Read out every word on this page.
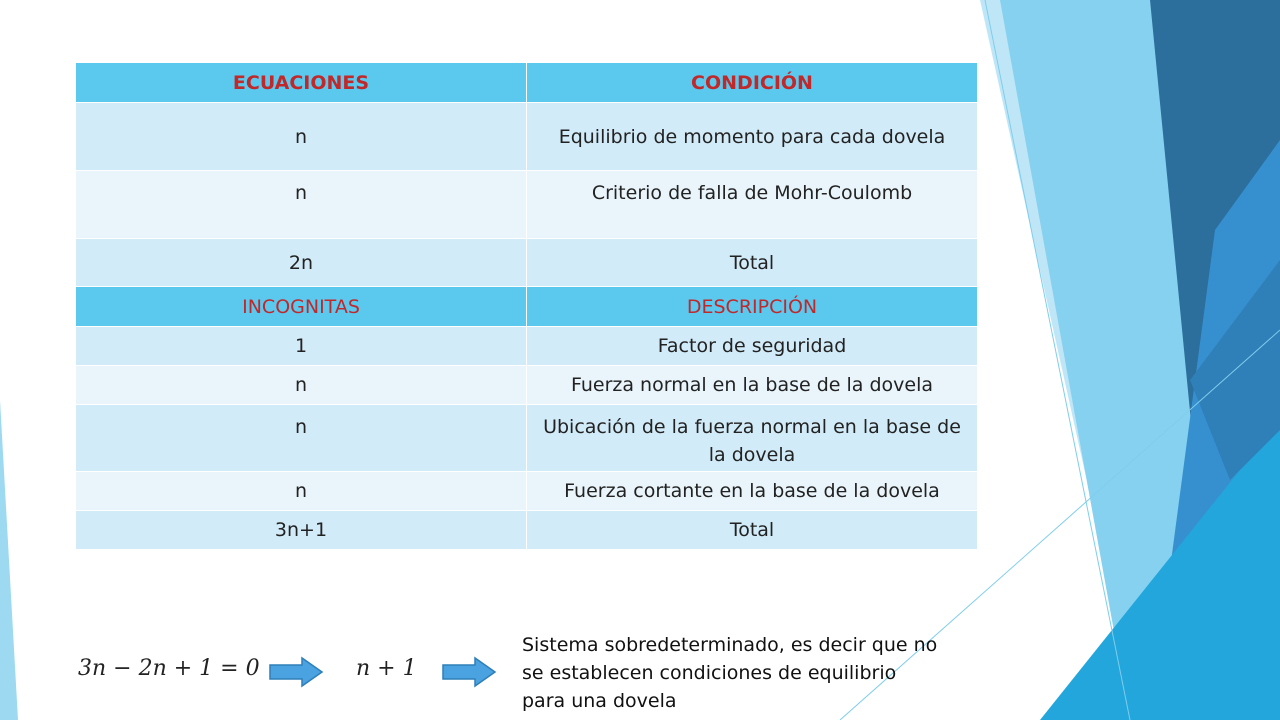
ECUACIONES	CONDICIÓN
n	Equilibrio de momento para cada dovela
n	Criterio de falla de Mohr-Coulomb
2n	Total
INCOGNITAS	DESCRIPCIÓN
1	Factor de seguridad
n	Fuerza normal en la base de la dovela
n	Ubicación de la fuerza normal en la base de la dovela
n	Fuerza cortante en la base de la dovela
3n+1	Total
3n − 2n + 1 = 0	n + 1
Sistema sobredeterminado, es decir que no se establecen condiciones de equilibrio para una dovela
